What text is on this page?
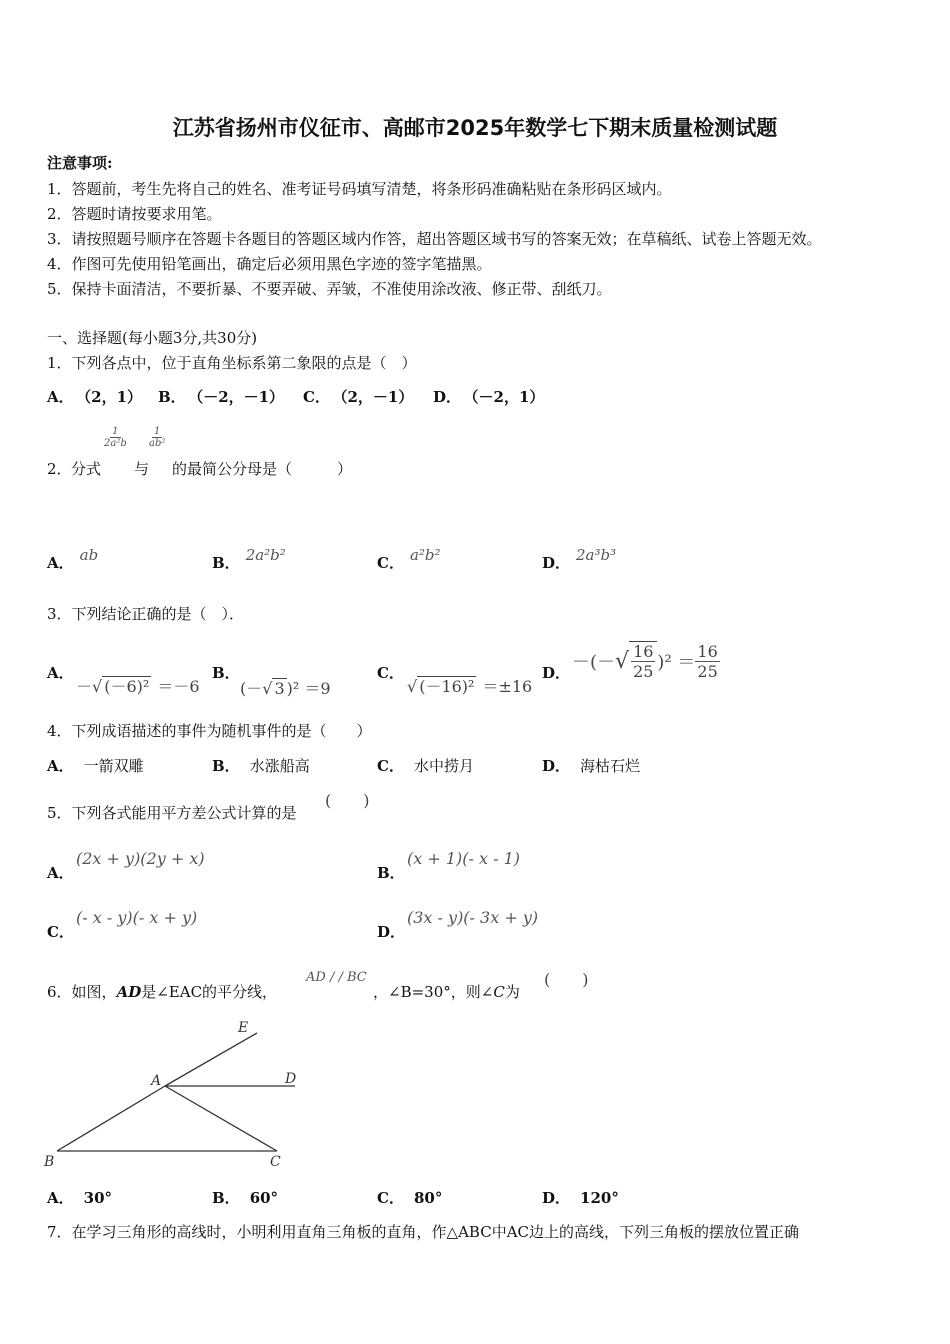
江苏省扬州市仪征市、高邮市2025年数学七下期末质量检测试题
注意事项:
1．答题前，考生先将自己的姓名、准考证号码填写清楚，将条形码准确粘贴在条形码区域内。
2．答题时请按要求用笔。
3．请按照题号顺序在答题卡各题目的答题区域内作答，超出答题区域书写的答案无效；在草稿纸、试卷上答题无效。
4．作图可先使用铅笔画出，确定后必须用黑色字迹的签字笔描黑。
5．保持卡面清洁，不要折暴、不要弄破、弄皱，不准使用涂改液、修正带、刮纸刀。
一、选择题(每小题3分,共30分)
1．下列各点中，位于直角坐标系第二象限的点是（　）
A． （2，1） B． （－2，－1） C． （2，－1） D． （－2，1）
2． 分式
$\frac{1}{\text{2a²b}}$
与
$\frac{1}{\text{ab²}}$
的最简公分母是（　　　）
A． ab	B． 2a²b²	C． a²b²	D． 2a³b³
3．下列结论正确的是（　）．
A．
－√ (－6)² ＝－6
B．
(－√ 3 )² ＝9
C．
√ (－16)² ＝±16
D． －(－ √ $\frac{16}{25} )^2 = \frac{16}{25}$
4．下列成语描述的事件为随机事件的是（　　）
A． 一箭双雕	B． 水涨船高	C． 水中捞月	D． 海枯石烂
5．下列各式能用平方差公式计算的是
(　　)
A．
(2x + y)(2y + x)
B．
(x + 1)(- x - 1)
C．
(- x - y)(- x + y)
D．
(3x - y)(- 3x + y)
6．如图，AD是∠EAC的平分线，
AD / / BC
，∠B=30°，则∠C为
(　　)
E
A	D
B	C
A． 30°	B． 60°	C． 80°	D． 120°
7．在学习三角形的高线时，小明利用直角三角板的直角，作△ABC中AC边上的高线，下列三角板的摆放位置正确
